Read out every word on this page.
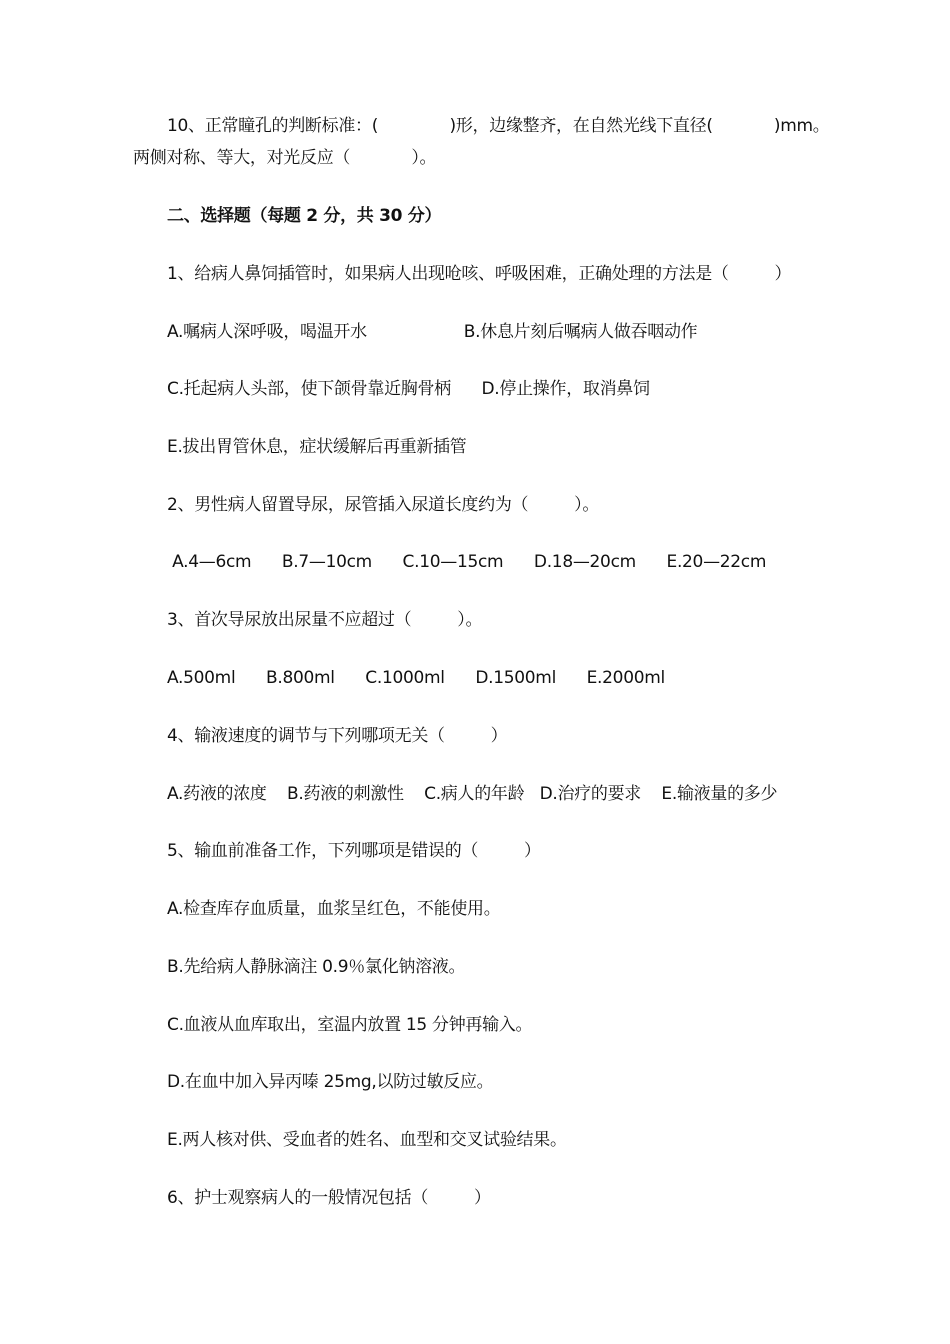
10、正常瞳孔的判断标准：(              )形，边缘整齐，在自然光线下直径(            )mm。
两侧对称、等大，对光反应（            ）。
二、选择题（每题 2 分，共 30 分）
1、给病人鼻饲插管时，如果病人出现呛咳、呼吸困难，正确处理的方法是（         ）
A.嘱病人深呼吸，喝温开水                   B.休息片刻后嘱病人做吞咽动作
C.托起病人头部，使下颌骨靠近胸骨柄      D.停止操作，取消鼻饲
E.拔出胃管休息，症状缓解后再重新插管
2、男性病人留置导尿，尿管插入尿道长度约为（         ）。
A.4—6cm      B.7—10cm      C.10—15cm      D.18—20cm      E.20—22cm
3、首次导尿放出尿量不应超过（         ）。
A.500ml      B.800ml      C.1000ml      D.1500ml      E.2000ml
4、输液速度的调节与下列哪项无关（         ）
A.药液的浓度    B.药液的刺激性    C.病人的年龄   D.治疗的要求    E.输液量的多少
5、输血前准备工作，下列哪项是错误的（         ）
A.检查库存血质量，血浆呈红色，不能使用。
B.先给病人静脉滴注 0.9％氯化钠溶液。
C.血液从血库取出，室温内放置 15 分钟再输入。
D.在血中加入异丙嗪 25mg,以防过敏反应。
E.两人核对供、受血者的姓名、血型和交叉试验结果。
6、护士观察病人的一般情况包括（         ）
